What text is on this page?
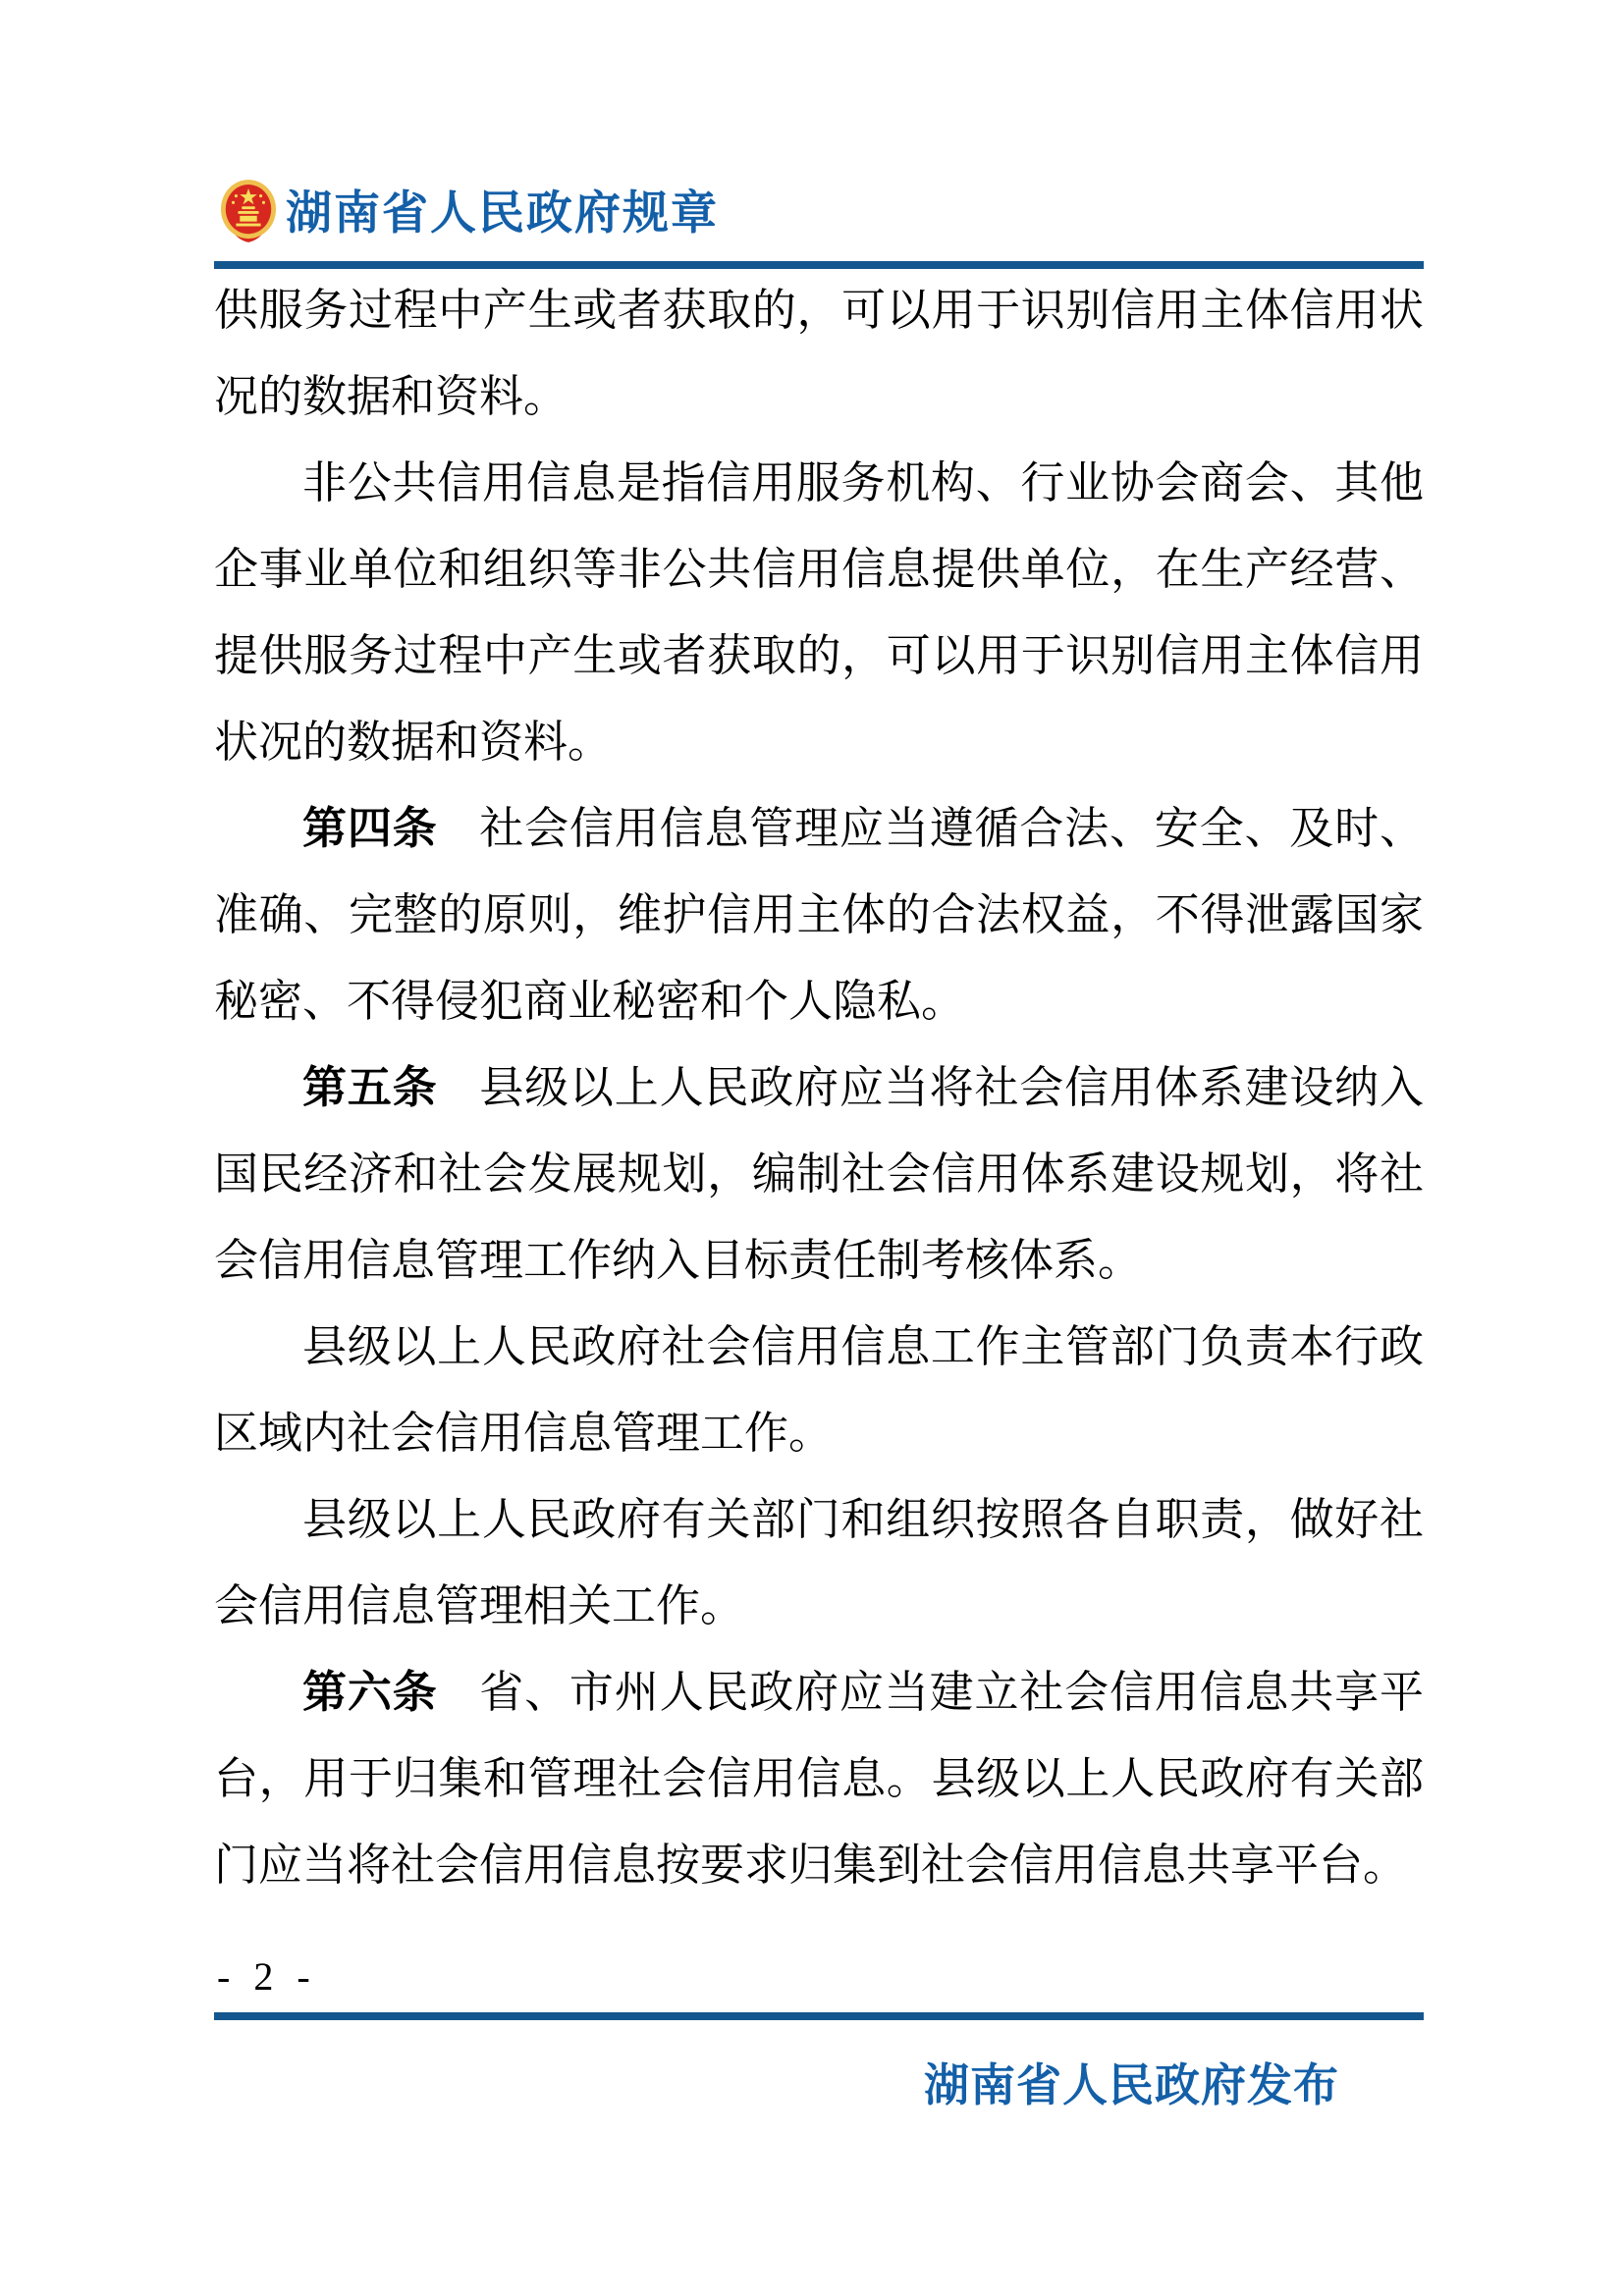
湖南省人民政府规章

供服务过程中产生或者获取的，可以用于识别信用主体信用状况的数据和资料。

非公共信用信息是指信用服务机构、行业协会商会、其他企事业单位和组织等非公共信用信息提供单位，在生产经营、提供服务过程中产生或者获取的，可以用于识别信用主体信用状况的数据和资料。

第四条 社会信用信息管理应当遵循合法、安全、及时、准确、完整的原则，维护信用主体的合法权益，不得泄露国家秘密、不得侵犯商业秘密和个人隐私。

第五条 县级以上人民政府应当将社会信用体系建设纳入国民经济和社会发展规划，编制社会信用体系建设规划，将社会信用信息管理工作纳入目标责任制考核体系。

县级以上人民政府社会信用信息工作主管部门负责本行政区域内社会信用信息管理工作。

县级以上人民政府有关部门和组织按照各自职责，做好社会信用信息管理相关工作。

第六条 省、市州人民政府应当建立社会信用信息共享平台，用于归集和管理社会信用信息。县级以上人民政府有关部门应当将社会信用信息按要求归集到社会信用信息共享平台。

- 2 -
湖南省人民政府发布
